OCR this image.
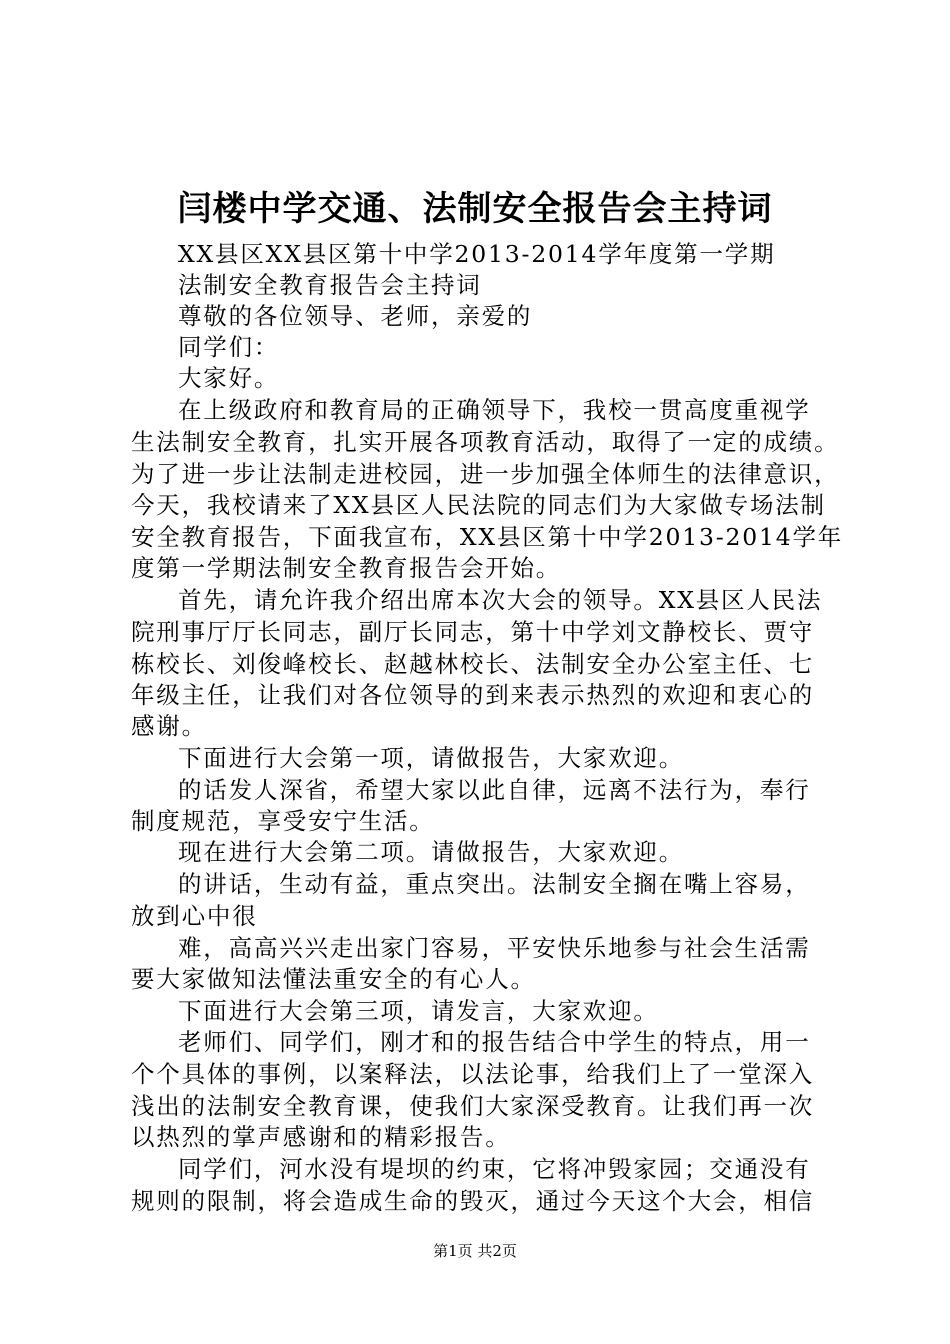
闫楼中学交通、法制安全报告会主持词
XX县区XX县区第十中学2013-2014学年度第一学期
法制安全教育报告会主持词
尊敬的各位领导、老师，亲爱的
同学们：
大家好。
在上级政府和教育局的正确领导下，我校一贯高度重视学
生法制安全教育，扎实开展各项教育活动，取得了一定的成绩。
为了进一步让法制走进校园，进一步加强全体师生的法律意识，
今天，我校请来了XX县区人民法院的同志们为大家做专场法制
安全教育报告，下面我宣布，XX县区第十中学2013-2014学年
度第一学期法制安全教育报告会开始。
首先，请允许我介绍出席本次大会的领导。XX县区人民法
院刑事厅厅长同志，副厅长同志，第十中学刘文静校长、贾守
栋校长、刘俊峰校长、赵越林校长、法制安全办公室主任、七
年级主任，让我们对各位领导的到来表示热烈的欢迎和衷心的
感谢。
下面进行大会第一项，请做报告，大家欢迎。
的话发人深省，希望大家以此自律，远离不法行为，奉行
制度规范，享受安宁生活。
现在进行大会第二项。请做报告，大家欢迎。
的讲话，生动有益，重点突出。法制安全搁在嘴上容易，
放到心中很
难，高高兴兴走出家门容易，平安快乐地参与社会生活需
要大家做知法懂法重安全的有心人。
下面进行大会第三项，请发言，大家欢迎。
老师们、同学们，刚才和的报告结合中学生的特点，用一
个个具体的事例，以案释法，以法论事，给我们上了一堂深入
浅出的法制安全教育课，使我们大家深受教育。让我们再一次
以热烈的掌声感谢和的精彩报告。
同学们，河水没有堤坝的约束，它将冲毁家园；交通没有
规则的限制，将会造成生命的毁灭，通过今天这个大会，相信
第1页 共2页
